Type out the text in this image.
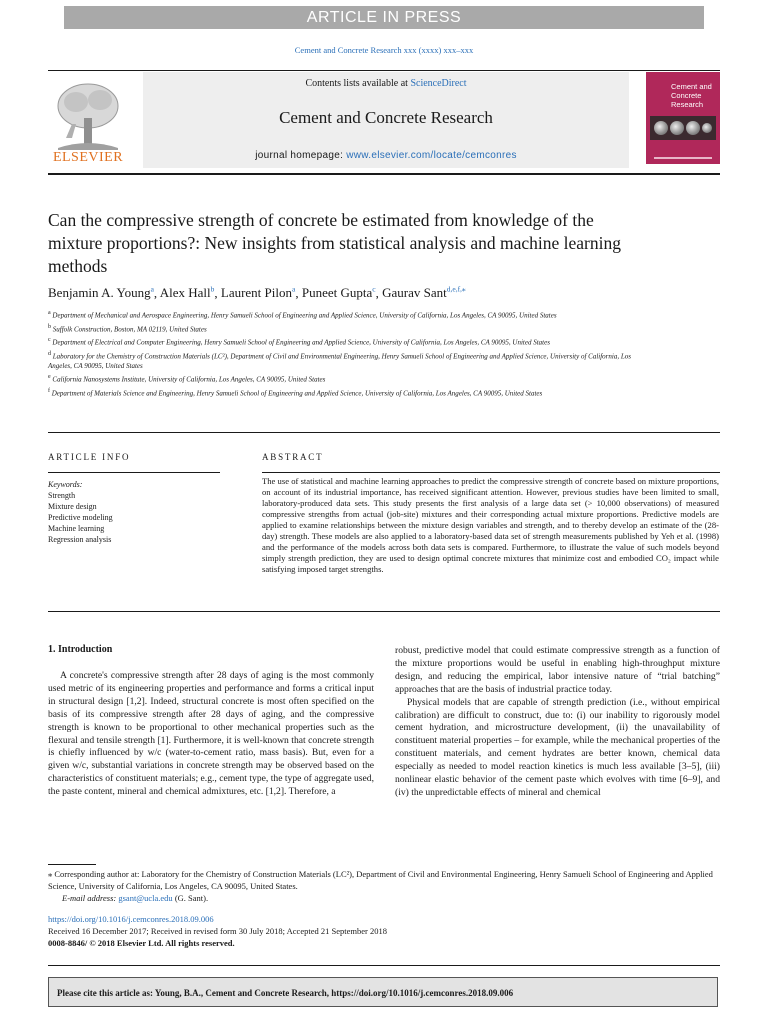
ARTICLE IN PRESS
Cement and Concrete Research xxx (xxxx) xxx–xxx
ELSEVIER
Contents lists available at ScienceDirect
Cement and Concrete Research
journal homepage: www.elsevier.com/locate/cemconres
Cement and Concrete Research
Can the compressive strength of concrete be estimated from knowledge of the mixture proportions?: New insights from statistical analysis and machine learning methods
Benjamin A. Young$^a$, Alex Hall$^b$, Laurent Pilon$^a$, Puneet Gupta$^c$, Gaurav Sant$^{d,e,f,⁎}$
$^a$ Department of Mechanical and Aerospace Engineering, Henry Samueli School of Engineering and Applied Science, University of California, Los Angeles, CA 90095, United States
$^b$ Suffolk Construction, Boston, MA 02119, United States
$^c$ Department of Electrical and Computer Engineering, Henry Samueli School of Engineering and Applied Science, University of California, Los Angeles, CA 90095, United States
$^d$ Laboratory for the Chemistry of Construction Materials (LC²), Department of Civil and Environmental Engineering, Henry Samueli School of Engineering and Applied Science, University of California, Los Angeles, CA 90095, United States
$^e$ California Nanosystems Institute, University of California, Los Angeles, CA 90095, United States
$^f$ Department of Materials Science and Engineering, Henry Samueli School of Engineering and Applied Science, University of California, Los Angeles, CA 90095, United States
ARTICLE INFO
Keywords:
Strength
Mixture design
Predictive modeling
Machine learning
Regression analysis
ABSTRACT
The use of statistical and machine learning approaches to predict the compressive strength of concrete based on mixture proportions, on account of its industrial importance, has received significant attention. However, previous studies have been limited to small, laboratory-produced data sets. This study presents the first analysis of a large data set (> 10,000 observations) of measured compressive strengths from actual (job-site) mixtures and their corresponding actual mixture proportions. Predictive models are applied to examine relationships between the mixture design variables and strength, and to thereby develop an estimate of the (28-day) strength. These models are also applied to a laboratory-based data set of strength measurements published by Yeh et al. (1998) and the performance of the models across both data sets is compared. Furthermore, to illustrate the value of such models beyond simply strength prediction, they are used to design optimal concrete mixtures that minimize cost and embodied CO₂ impact while satisfying imposed target strengths.
1. Introduction

A concrete's compressive strength after 28 days of aging is the most commonly used metric of its engineering properties and performance and forms a critical input in structural design [1,2]. Indeed, structural concrete is most often specified on the basis of its compressive strength after 28 days of aging, and the compressive strength is known to be proportional to other mechanical properties such as the flexural and tensile strength [1]. Furthermore, it is well-known that concrete strength is chiefly influenced by w/c (water-to-cement ratio, mass basis). But, even for a given w/c, substantial variations in concrete strength may be observed based on the characteristics of constituent materials; e.g., cement type, the type of aggregate used, the paste content, mineral and chemical admixtures, etc. [1,2]. Therefore, a

robust, predictive model that could estimate compressive strength as a function of the mixture proportions would be useful in enabling high-throughput mixture design, and reducing the empirical, labor intensive nature of “trial batching” approaches that are the basis of industrial practice today.

Physical models that are capable of strength prediction (i.e., without empirical calibration) are difficult to construct, due to: (i) our inability to rigorously model cement hydration, and microstructure development, (ii) the unavailability of constituent material properties – for example, while the mechanical properties of the constituent materials, and cement hydrates are better known, chemical data especially as needed to model reaction kinetics is much less available [3–5], (iii) nonlinear elastic behavior of the cement paste which evolves with time [6–9], and (iv) the unpredictable effects of mineral and chemical

⁎ Corresponding author at: Laboratory for the Chemistry of Construction Materials (LC²), Department of Civil and Environmental Engineering, Henry Samueli School of Engineering and Applied Science, University of California, Los Angeles, CA 90095, United States.
E-mail address: gsant@ucla.edu (G. Sant).
https://doi.org/10.1016/j.cemconres.2018.09.006
Received 16 December 2017; Received in revised form 30 July 2018; Accepted 21 September 2018
0008-8846/ © 2018 Elsevier Ltd. All rights reserved.
Please cite this article as: Young, B.A., Cement and Concrete Research, https://doi.org/10.1016/j.cemconres.2018.09.006
